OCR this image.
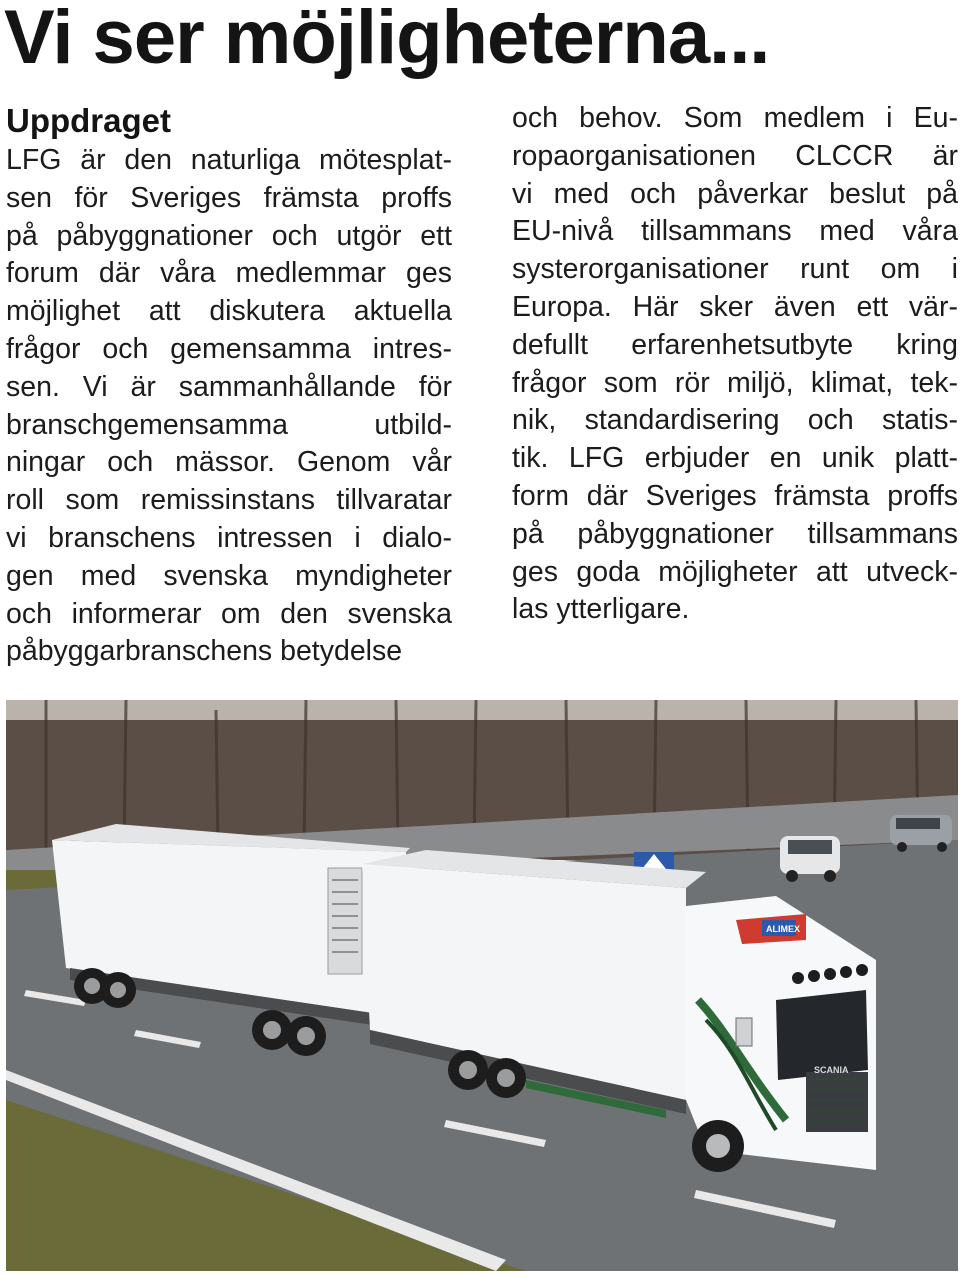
Vi ser möjligheterna...
Uppdraget
LFG är den naturliga mötesplat-
sen för Sveriges främsta proffs
på påbyggnationer och utgör ett
forum där våra medlemmar ges
möjlighet att diskutera aktuella
frågor och gemensamma intres-
sen. Vi är sammanhållande för
branschgemensamma utbild-
ningar och mässor. Genom vår
roll som remissinstans tillvaratar
vi branschens intressen i dialo-
gen med svenska myndigheter
och informerar om den svenska
påbyggarbranschens betydelse
och behov. Som medlem i Eu-
ropaorganisationen CLCCR är
vi med och påverkar beslut på
EU-nivå tillsammans med våra
systerorganisationer runt om i
Europa. Här sker även ett vär-
defullt erfarenhetsutbyte kring
frågor som rör miljö, klimat, tek-
nik, standardisering och statis-
tik. LFG erbjuder en unik platt-
form där Sveriges främsta proffs
på påbyggnationer tillsammans
ges goda möjligheter att utveck-
las ytterligare.
ALIMEX
SCANIA
